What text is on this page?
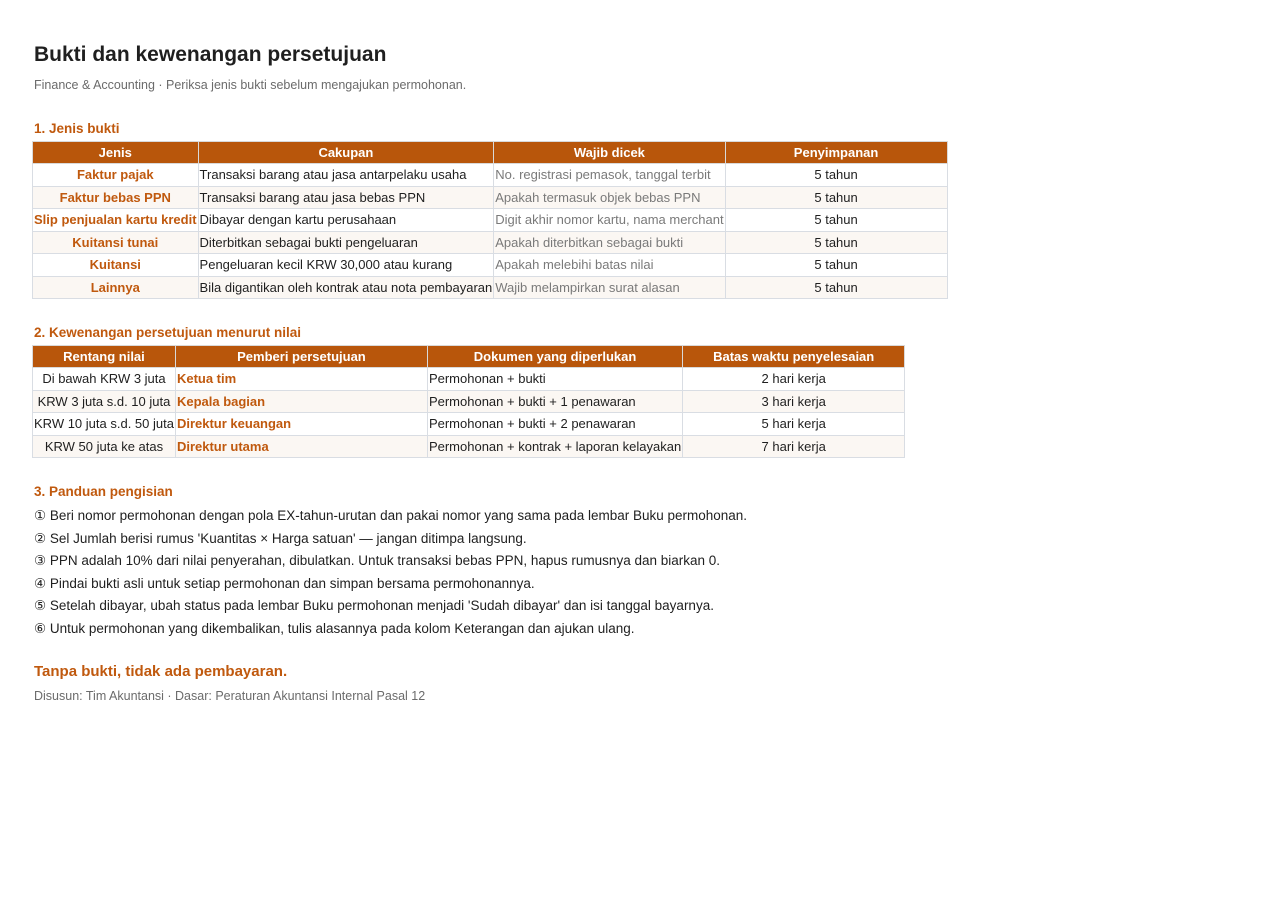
Bukti dan kewenangan persetujuan
Finance & Accounting · Periksa jenis bukti sebelum mengajukan permohonan.
1. Jenis bukti
Jenis	Cakupan	Wajib dicek	Penyimpanan
Faktur pajak	Transaksi barang atau jasa antarpelaku usaha	No. registrasi pemasok, tanggal terbit	5 tahun
Faktur bebas PPN	Transaksi barang atau jasa bebas PPN	Apakah termasuk objek bebas PPN	5 tahun
Slip penjualan kartu kredit	Dibayar dengan kartu perusahaan	Digit akhir nomor kartu, nama merchant	5 tahun
Kuitansi tunai	Diterbitkan sebagai bukti pengeluaran	Apakah diterbitkan sebagai bukti	5 tahun
Kuitansi	Pengeluaran kecil KRW 30,000 atau kurang	Apakah melebihi batas nilai	5 tahun
Lainnya	Bila digantikan oleh kontrak atau nota pembayaran	Wajib melampirkan surat alasan	5 tahun
2. Kewenangan persetujuan menurut nilai
Rentang nilai	Pemberi persetujuan	Dokumen yang diperlukan	Batas waktu penyelesaian
Di bawah KRW 3 juta	Ketua tim	Permohonan + bukti	2 hari kerja
KRW 3 juta s.d. 10 juta	Kepala bagian	Permohonan + bukti + 1 penawaran	3 hari kerja
KRW 10 juta s.d. 50 juta	Direktur keuangan	Permohonan + bukti + 2 penawaran	5 hari kerja
KRW 50 juta ke atas	Direktur utama	Permohonan + kontrak + laporan kelayakan	7 hari kerja
3. Panduan pengisian
① Beri nomor permohonan dengan pola EX-tahun-urutan dan pakai nomor yang sama pada lembar Buku permohonan.
② Sel Jumlah berisi rumus 'Kuantitas × Harga satuan' — jangan ditimpa langsung.
③ PPN adalah 10% dari nilai penyerahan, dibulatkan. Untuk transaksi bebas PPN, hapus rumusnya dan biarkan 0.
④ Pindai bukti asli untuk setiap permohonan dan simpan bersama permohonannya.
⑤ Setelah dibayar, ubah status pada lembar Buku permohonan menjadi 'Sudah dibayar' dan isi tanggal bayarnya.
⑥ Untuk permohonan yang dikembalikan, tulis alasannya pada kolom Keterangan dan ajukan ulang.
Tanpa bukti, tidak ada pembayaran.
Disusun: Tim Akuntansi · Dasar: Peraturan Akuntansi Internal Pasal 12
